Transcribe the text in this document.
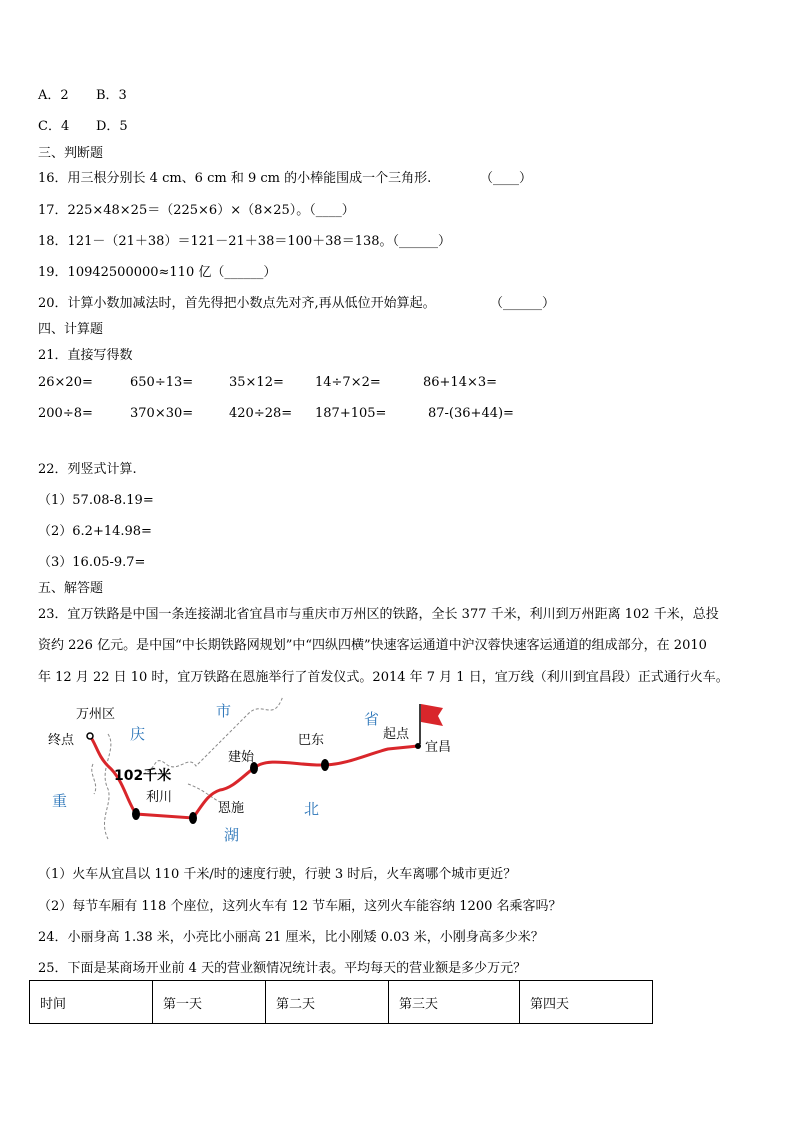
A．2 B．3
C．4 D．5
三、判断题
16．用三根分别长 4 cm、6 cm 和 9 cm 的小棒能围成一个三角形.	（____）
17．225×48×25＝（225×6）×（8×25）。（____）
18．121－（21＋38）＝121－21＋38＝100＋38＝138。（______）
19．10942500000≈110 亿（______）
20．计算小数加减法时，首先得把小数点先对齐,再从低位开始算起。	（______）
四、计算题
21．直接写得数
26×20=	650÷13=	35×12= 14÷7×2=	86+14×3=
200÷8=	370×30=	420÷28= 187+105=	87-(36+44)=
22．列竖式计算.
（1）57.08-8.19=
（2）6.2+14.98=
（3）16.05-9.7=
五、解答题
23．宜万铁路是中国一条连接湖北省宜昌市与重庆市万州区的铁路，全长 377 千米，利川到万州距离 102 千米，总投
资约 226 亿元。是中国“中长期铁路网规划”中“四纵四横”快速客运通道中沪汉蓉快速客运通道的组成部分，在 2010
年 12 月 22 日 10 时，宜万铁路在恩施举行了首发仪式。2014 年 7 月 1 日，宜万线（利川到宜昌段）正式通行火车。
万州区
终点	庆
市
102千米
利川
建始
恩施
巴东
省
起点
宜昌
重	北
湖
（1）火车从宜昌以 110 千米/时的速度行驶，行驶 3 时后，火车离哪个城市更近？
（2）每节车厢有 118 个座位，这列火车有 12 节车厢，这列火车能容纳 1200 名乘客吗？
24．小丽身高 1.38 米，小亮比小丽高 21 厘米，比小刚矮 0.03 米，小刚身高多少米？
25．下面是某商场开业前 4 天的营业额情况统计表。平均每天的营业额是多少万元？
时间	第一天	第二天	第三天	第四天
